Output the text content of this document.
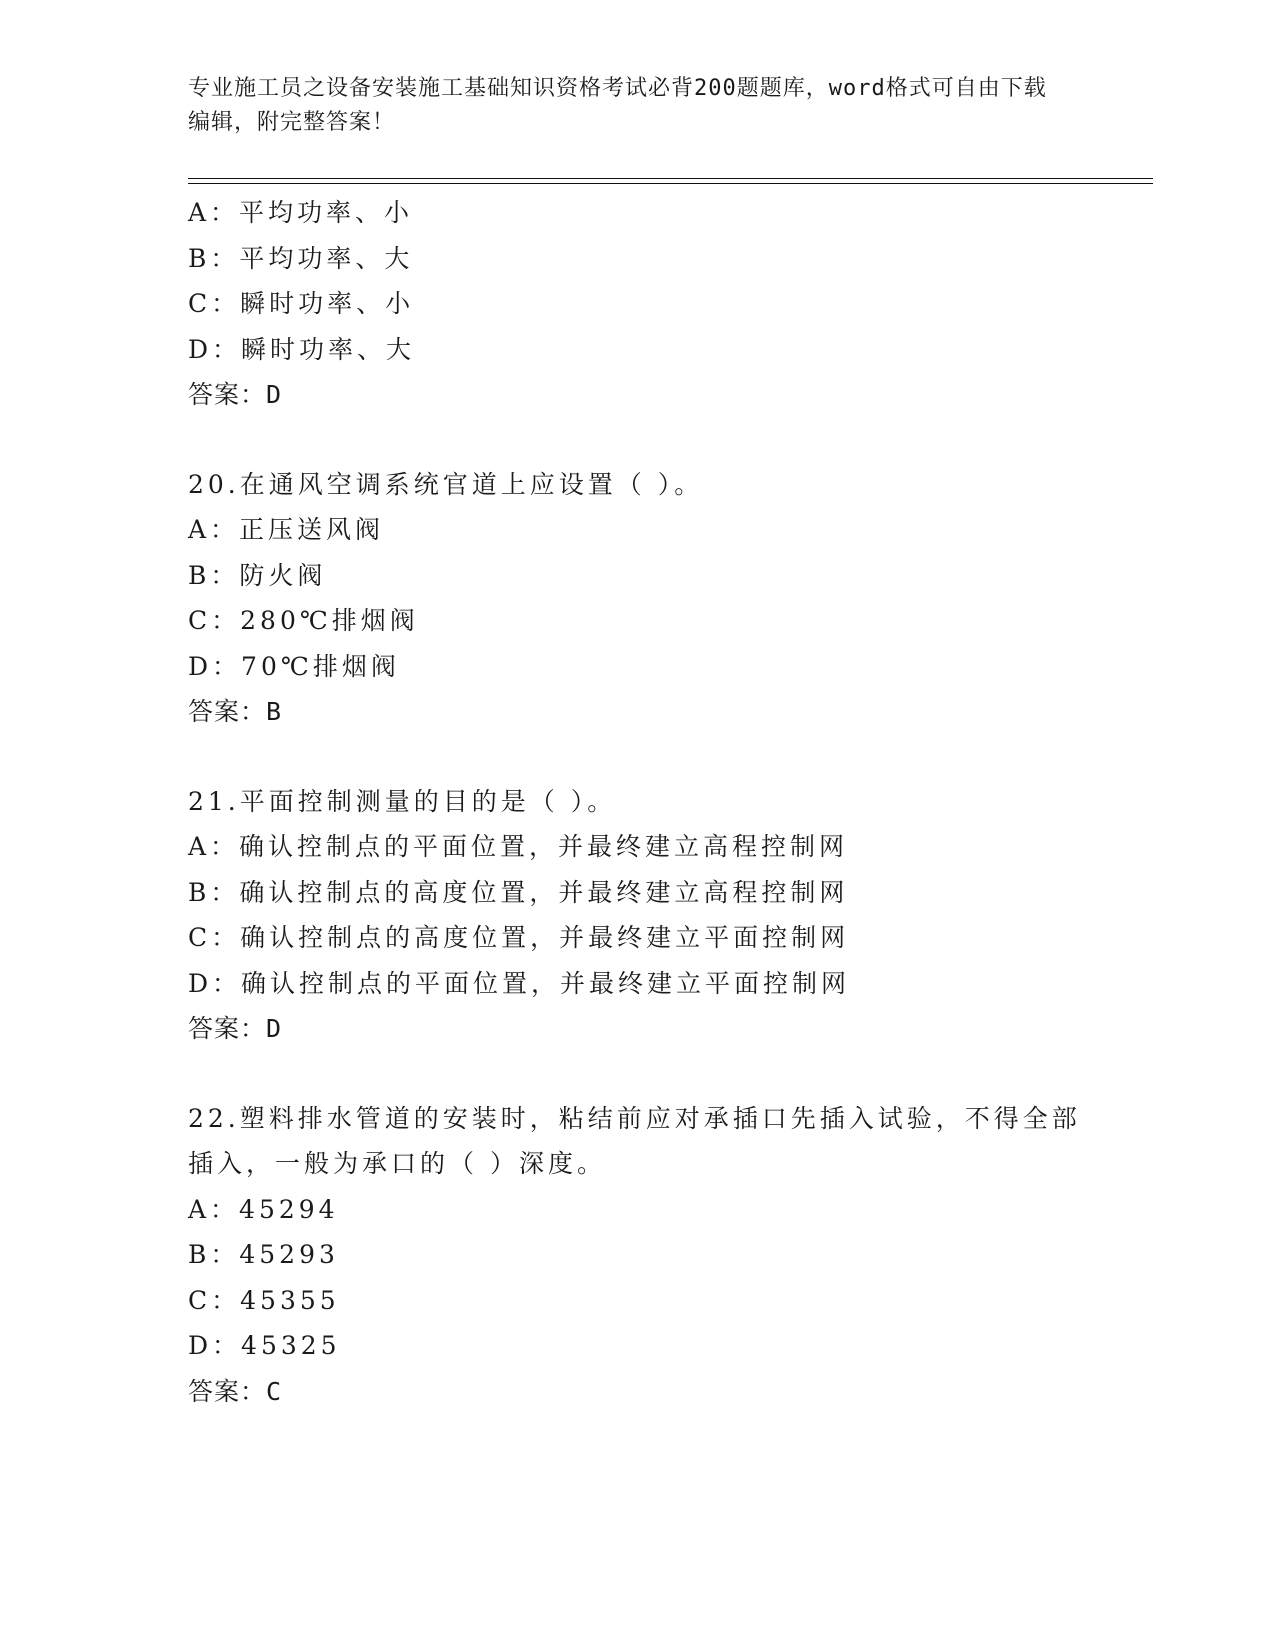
专业施工员之设备安装施工基础知识资格考试必背200题题库，word格式可自由下载编辑，附完整答案！
A：平均功率、小
B：平均功率、大
C：瞬时功率、小
D：瞬时功率、大
答案：D
20.在通风空调系统官道上应设置（ ）。
A：正压送风阀
B：防火阀
C：280℃排烟阀
D：70℃排烟阀
答案：B
21.平面控制测量的目的是（ ）。
A：确认控制点的平面位置，并最终建立高程控制网
B：确认控制点的高度位置，并最终建立高程控制网
C：确认控制点的高度位置，并最终建立平面控制网
D：确认控制点的平面位置，并最终建立平面控制网
答案：D
22.塑料排水管道的安装时，粘结前应对承插口先插入试验，不得全部
插入，一般为承口的（ ）深度。
A：45294
B：45293
C：45355
D：45325
答案：C
